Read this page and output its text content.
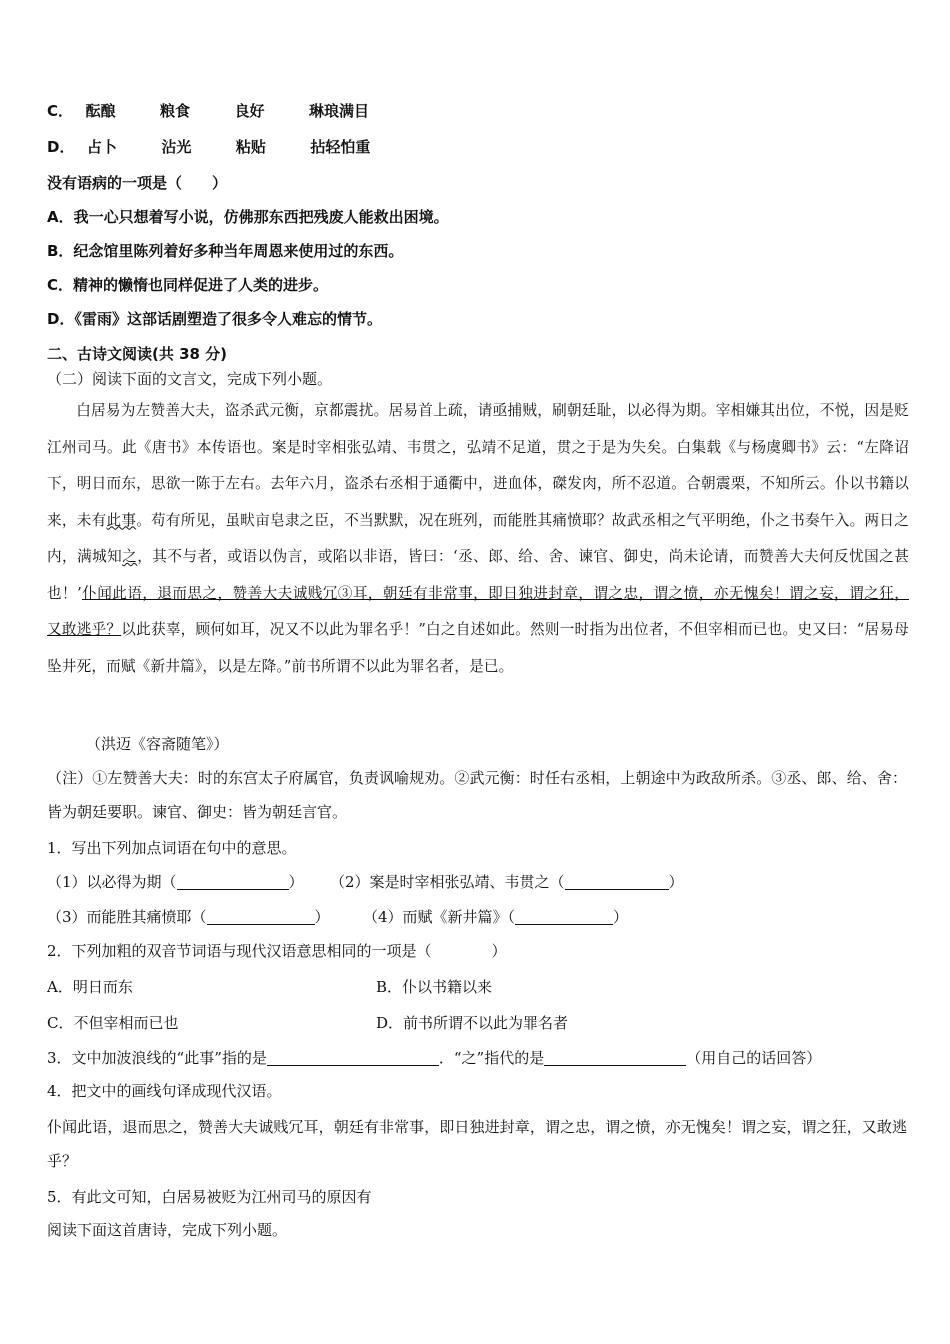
C． 酝酿	粮食	良好	琳琅满目
D． 占卜	沾光	粘贴	拈轻怕重
没有语病的一项是（　　）
A．我一心只想着写小说，仿佛那东西把残废人能救出困境。
B．纪念馆里陈列着好多种当年周恩来使用过的东西。
C．精神的懒惰也同样促进了人类的进步。
D．《雷雨》这部话剧塑造了很多令人难忘的情节。
二、古诗文阅读(共 38 分)
（二）阅读下面的文言文，完成下列小题。
白居易为左赞善大夫，盗杀武元衡，京都震扰。居易首上疏，请亟捕贼，刷朝廷耻，以必得为期。宰相嫌其出位，不悦，因是贬江州司马。此《唐书》本传语也。案是时宰相张弘靖、韦贯之，弘靖不足道，贯之于是为失矣。白集载《与杨虞卿书》云：“左降诏下，明日而东，思欲一陈于左右。去年六月，盗杀右丞相于通衢中，迸血体，磔发肉，所不忍道。合朝震栗，不知所云。仆以书籍以来，未有此事。苟有所见，虽畎亩皂隶之臣，不当默默，况在班列，而能胜其痛愤耶？故武丞相之气平明绝，仆之书奏午入。两日之内，满城知之，其不与者，或语以伪言，或陷以非语，皆曰：‘丞、郎、给、舍、谏官、御史，尚未论请，而赞善大夫何反忧国之甚也！’仆闻此语，退而思之，赞善大夫诚贱冗③耳，朝廷有非常事，即日独进封章，谓之忠，谓之愤，亦无愧矣！谓之妄，谓之狂，又敢逃乎？以此获辜，顾何如耳，况又不以此为罪名乎！”白之自述如此。然则一时指为出位者，不但宰相而已也。史又曰：“居易母坠井死，而赋《新井篇》，以是左降。”前书所谓不以此为罪名者，是已。
（洪迈《容斋随笔》）
（注）①左赞善大夫：时的东宫太子府属官，负责讽喻规劝。②武元衡：时任右丞相，上朝途中为政敌所杀。③丞、郎、给、舍：皆为朝廷要职。谏官、御史：皆为朝廷言官。
1．写出下列加点词语在句中的意思。
（1）以必得为期（	） （2）案是时宰相张弘靖、韦贯之（	）
（3）而能胜其痛愤耶（	） （4）而赋《新井篇》（	）
2．下列加粗的双音节词语与现代汉语意思相同的一项是（　　　　）
A．明日而东	B．仆以书籍以来
C．不但宰相而已也	D．前书所谓不以此为罪名者
3．文中加波浪线的“此事”指的是	．“之”指代的是	（用自己的话回答）
4．把文中的画线句译成现代汉语。
仆闻此语，退而思之，赞善大夫诚贱冗耳，朝廷有非常事，即日独进封章，谓之忠，谓之愤，亦无愧矣！谓之妄，谓之狂，又敢逃乎？
5．有此文可知，白居易被贬为江州司马的原因有
阅读下面这首唐诗，完成下列小题。
